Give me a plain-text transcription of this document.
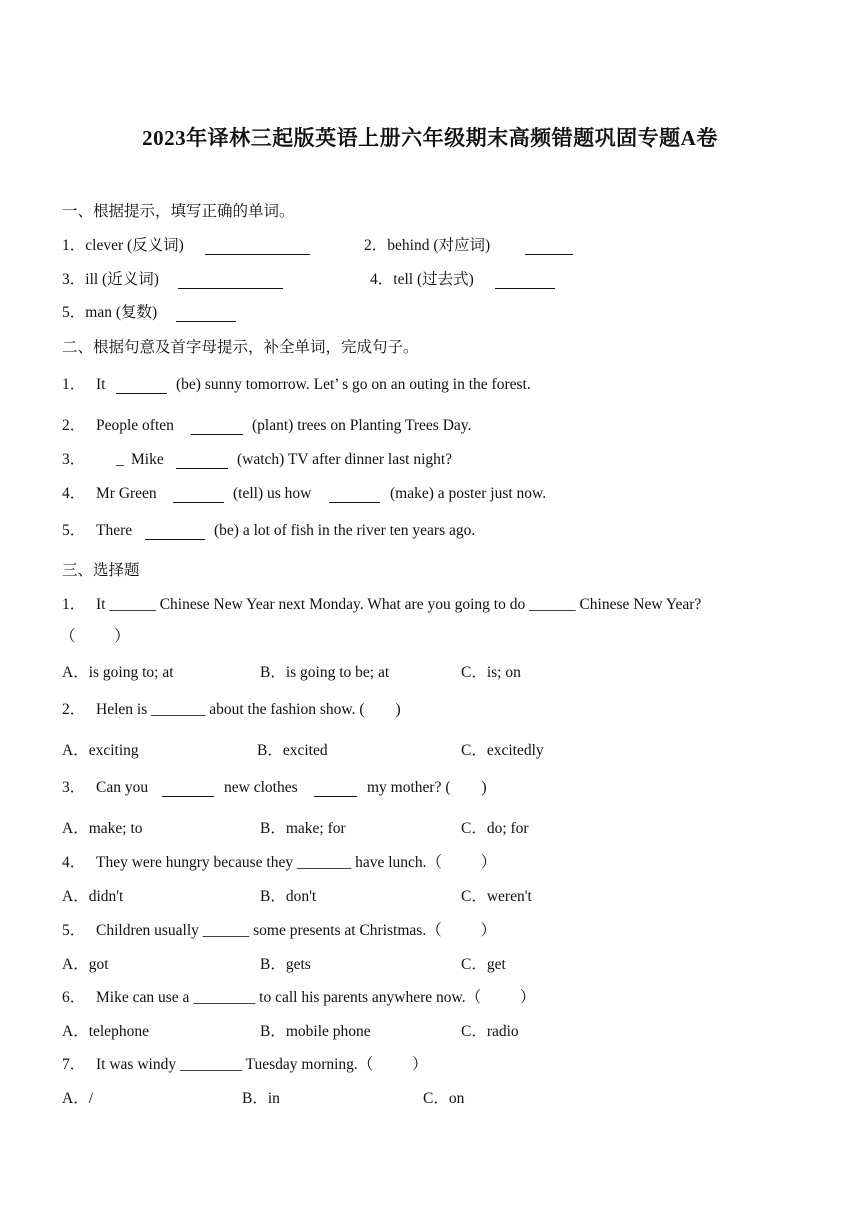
2023年译林三起版英语上册六年级期末高频错题巩固专题A卷
一、根据提示，填写正确的单词。
1．clever (反义词)	2．behind (对应词)
3．ill (近义词)	4．tell (过去式)
5．man (复数)
二、根据句意及首字母提示，补全单词，完成句子。
1． It	(be) sunny tomorrow. Let’ s go on an outing in the forest.
2． People often	(plant) trees on Planting Trees Day.
3． _ Mike	(watch) TV after dinner last night?
4． Mr Green	(tell) us how	(make) a poster just now.
5． There	(be) a lot of fish in the river ten years ago.
三、选择题
1． It ______ Chinese New Year next Monday. What are you going to do ______ Chinese New Year?
（          ）
A．is going to; at	B．is going to be; at	C．is; on
2． Helen is _______ about the fashion show. (        )
A．exciting	B．excited	C．excitedly
3． Can you	new clothes	my mother? (        )
A．make; to	B．make; for	C．do; for
4． They were hungry because they _______ have lunch.（          ）
A．didn't	B．don't	C．weren't
5． Children usually ______ some presents at Christmas.（          ）
A．got	B．gets	C．get
6． Mike can use a ________ to call his parents anywhere now.（          ）
A．telephone	B．mobile phone	C．radio
7． It was windy ________ Tuesday morning.（          ）
A．/	B．in	C．on
